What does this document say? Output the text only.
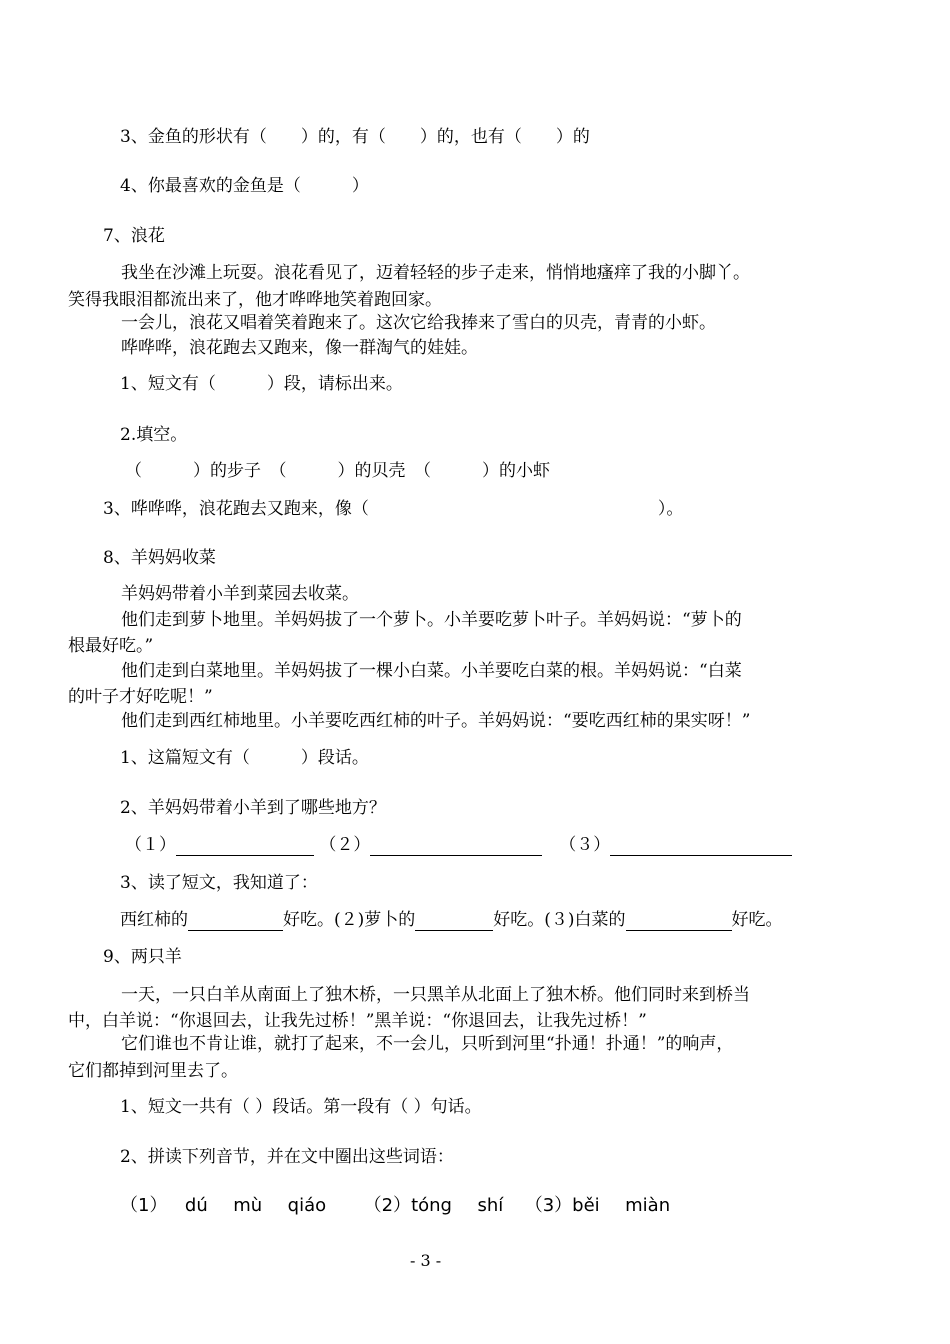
3、金鱼的形状有（　　）的，有（　　）的，也有（　　）的
4、你最喜欢的金鱼是（　　　）
7、浪花
我坐在沙滩上玩耍。浪花看见了，迈着轻轻的步子走来，悄悄地瘙痒了我的小脚丫。
笑得我眼泪都流出来了，他才哗哗地笑着跑回家。
一会儿，浪花又唱着笑着跑来了。这次它给我捧来了雪白的贝壳，青青的小虾。
哗哗哗，浪花跑去又跑来，像一群淘气的娃娃。
1、短文有（　　　）段，请标出来。
2.填空。
（　　　）的步子　（　　　）的贝壳　（　　　）的小虾
3、哗哗哗，浪花跑去又跑来，像（　　　　　　　　　　　　　　　　　）。
8、羊妈妈收菜
羊妈妈带着小羊到菜园去收菜。
他们走到萝卜地里。羊妈妈拔了一个萝卜。小羊要吃萝卜叶子。羊妈妈说：“萝卜的
根最好吃。”
他们走到白菜地里。羊妈妈拔了一棵小白菜。小羊要吃白菜的根。羊妈妈说：“白菜
的叶子才好吃呢！”
他们走到西红柿地里。小羊要吃西红柿的叶子。羊妈妈说：“要吃西红柿的果实呀！”
1、这篇短文有（　　　）段话。
2、羊妈妈带着小羊到了哪些地方？
（１）	（２）	（３）
3、读了短文，我知道了：
西红柿的	好吃。(２)萝卜的	好吃。(３)白菜的	好吃。
9、两只羊
一天，一只白羊从南面上了独木桥，一只黑羊从北面上了独木桥。他们同时来到桥当
中，白羊说：“你退回去，让我先过桥！”黑羊说：“你退回去，让我先过桥！”
它们谁也不肯让谁，就打了起来，不一会儿，只听到河里“扑通！扑通！”的响声，
它们都掉到河里去了。
1、短文一共有（ ）段话。第一段有（ ）句话。
2、拼读下列音节，并在文中圈出这些词语：
（1） dú mù qiáo （2）tóng shí （3）běi miàn
- 3 -
